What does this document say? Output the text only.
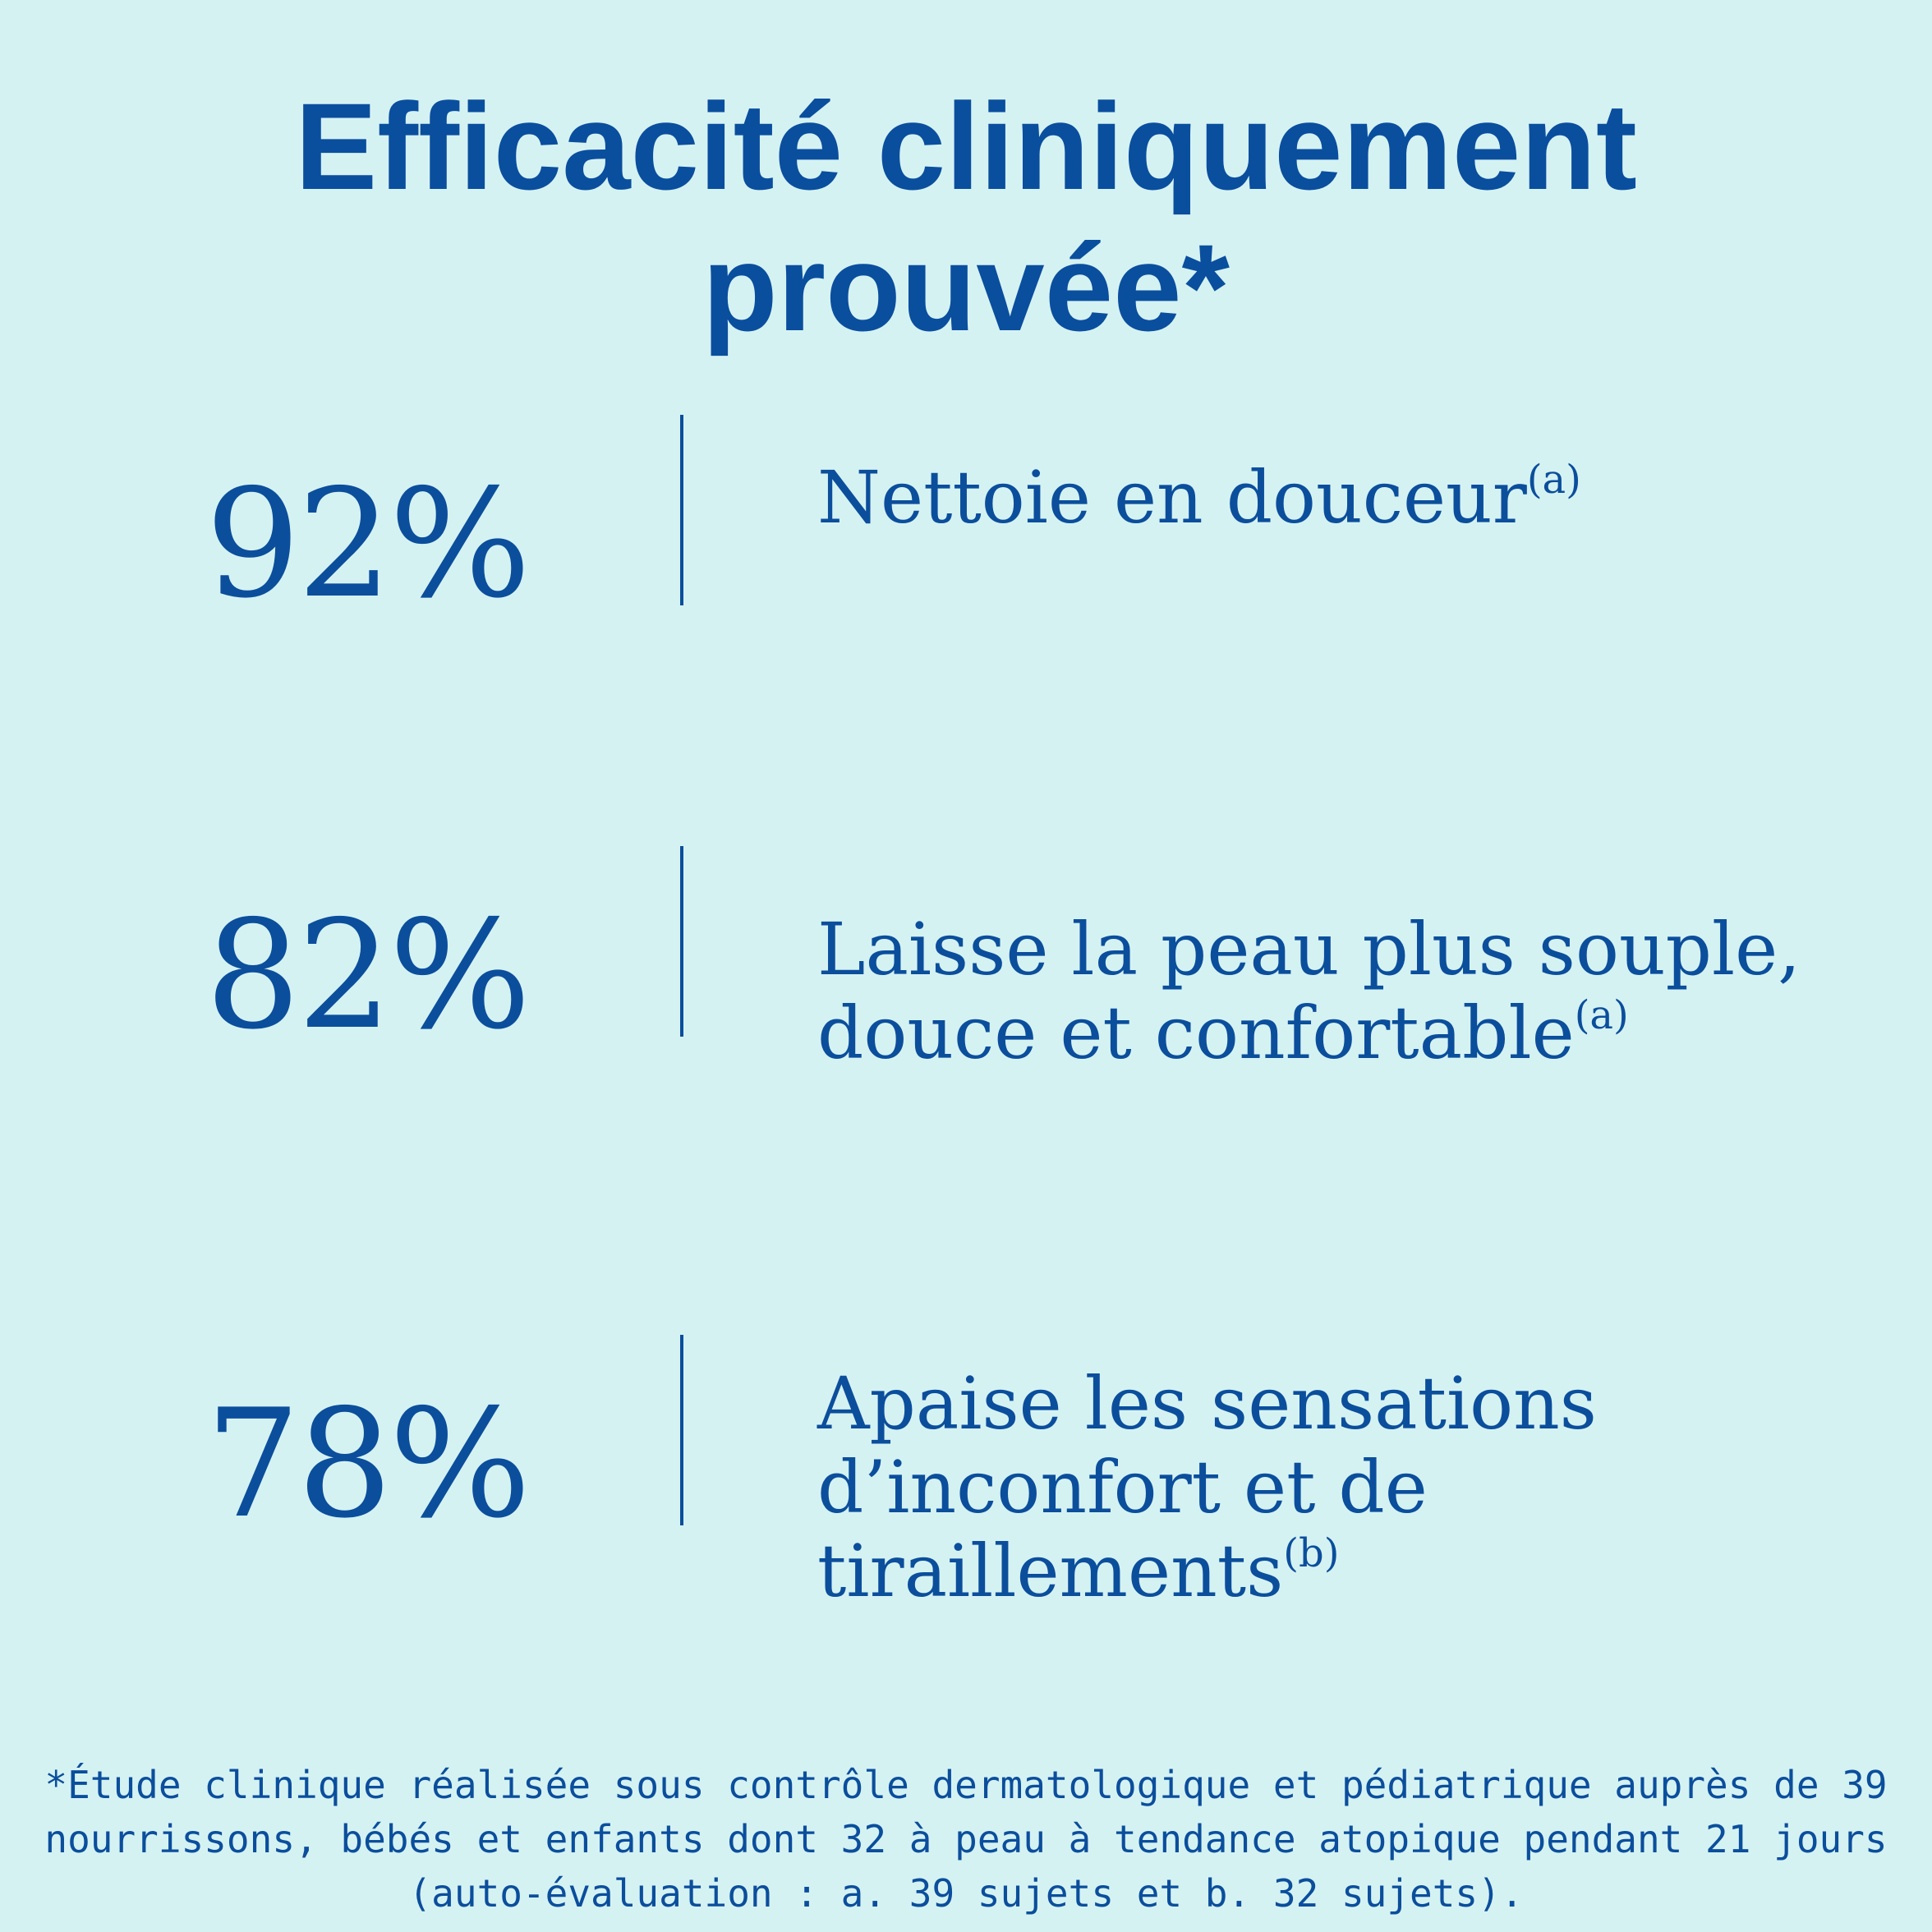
Efficacité cliniquement
prouvée*
92%	Nettoie en douceur$^{(a)}$

82%	Laisse la peau plus souple,
douce et confortable$^{(a)}$

78%	Apaise les sensations
d’inconfort et de
tiraillements$^{(b)}$

*Étude clinique réalisée sous contrôle dermatologique et pédiatrique auprès de 39
nourrissons, bébés et enfants dont 32 à peau à tendance atopique pendant 21 jours
(auto-évaluation : a. 39 sujets et b. 32 sujets).
